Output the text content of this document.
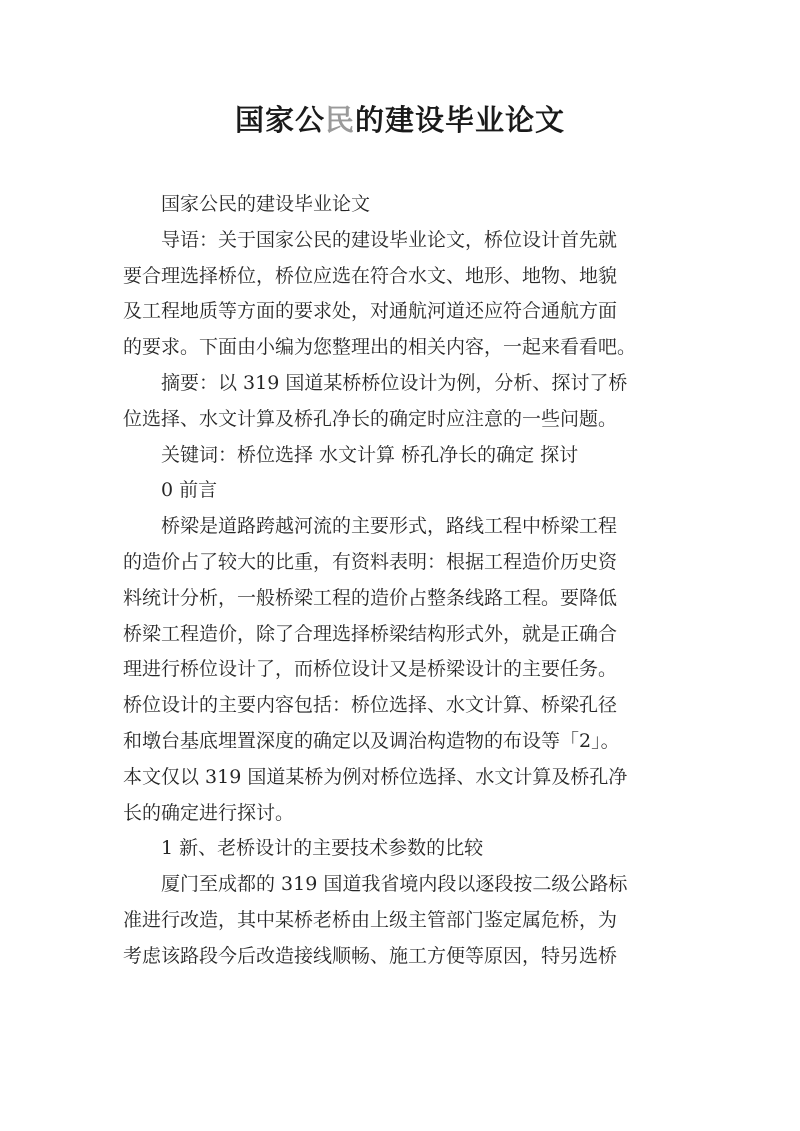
国家公民的建设毕业论文

国家公民的建设毕业论文

导语：关于国家公民的建设毕业论文，桥位设计首先就
要合理选择桥位，桥位应选在符合水文、地形、地物、地貌
及工程地质等方面的要求处，对通航河道还应符合通航方面
的要求。下面由小编为您整理出的相关内容，一起来看看吧。

摘要：以 319 国道某桥桥位设计为例，分析、探讨了桥
位选择、水文计算及桥孔净长的确定时应注意的一些问题。

关键词：桥位选择 水文计算 桥孔净长的确定 探讨

0 前言

桥梁是道路跨越河流的主要形式，路线工程中桥梁工程
的造价占了较大的比重，有资料表明：根据工程造价历史资
料统计分析，一般桥梁工程的造价占整条线路工程。要降低
桥梁工程造价，除了合理选择桥梁结构形式外，就是正确合
理进行桥位设计了，而桥位设计又是桥梁设计的主要任务。
桥位设计的主要内容包括：桥位选择、水文计算、桥梁孔径
和墩台基底埋置深度的确定以及调治构造物的布设等「2」。
本文仅以 319 国道某桥为例对桥位选择、水文计算及桥孔净
长的确定进行探讨。

1 新、老桥设计的主要技术参数的比较

厦门至成都的 319 国道我省境内段以逐段按二级公路标
准进行改造，其中某桥老桥由上级主管部门鉴定属危桥，为
考虑该路段今后改造接线顺畅、施工方便等原因，特另选桥
